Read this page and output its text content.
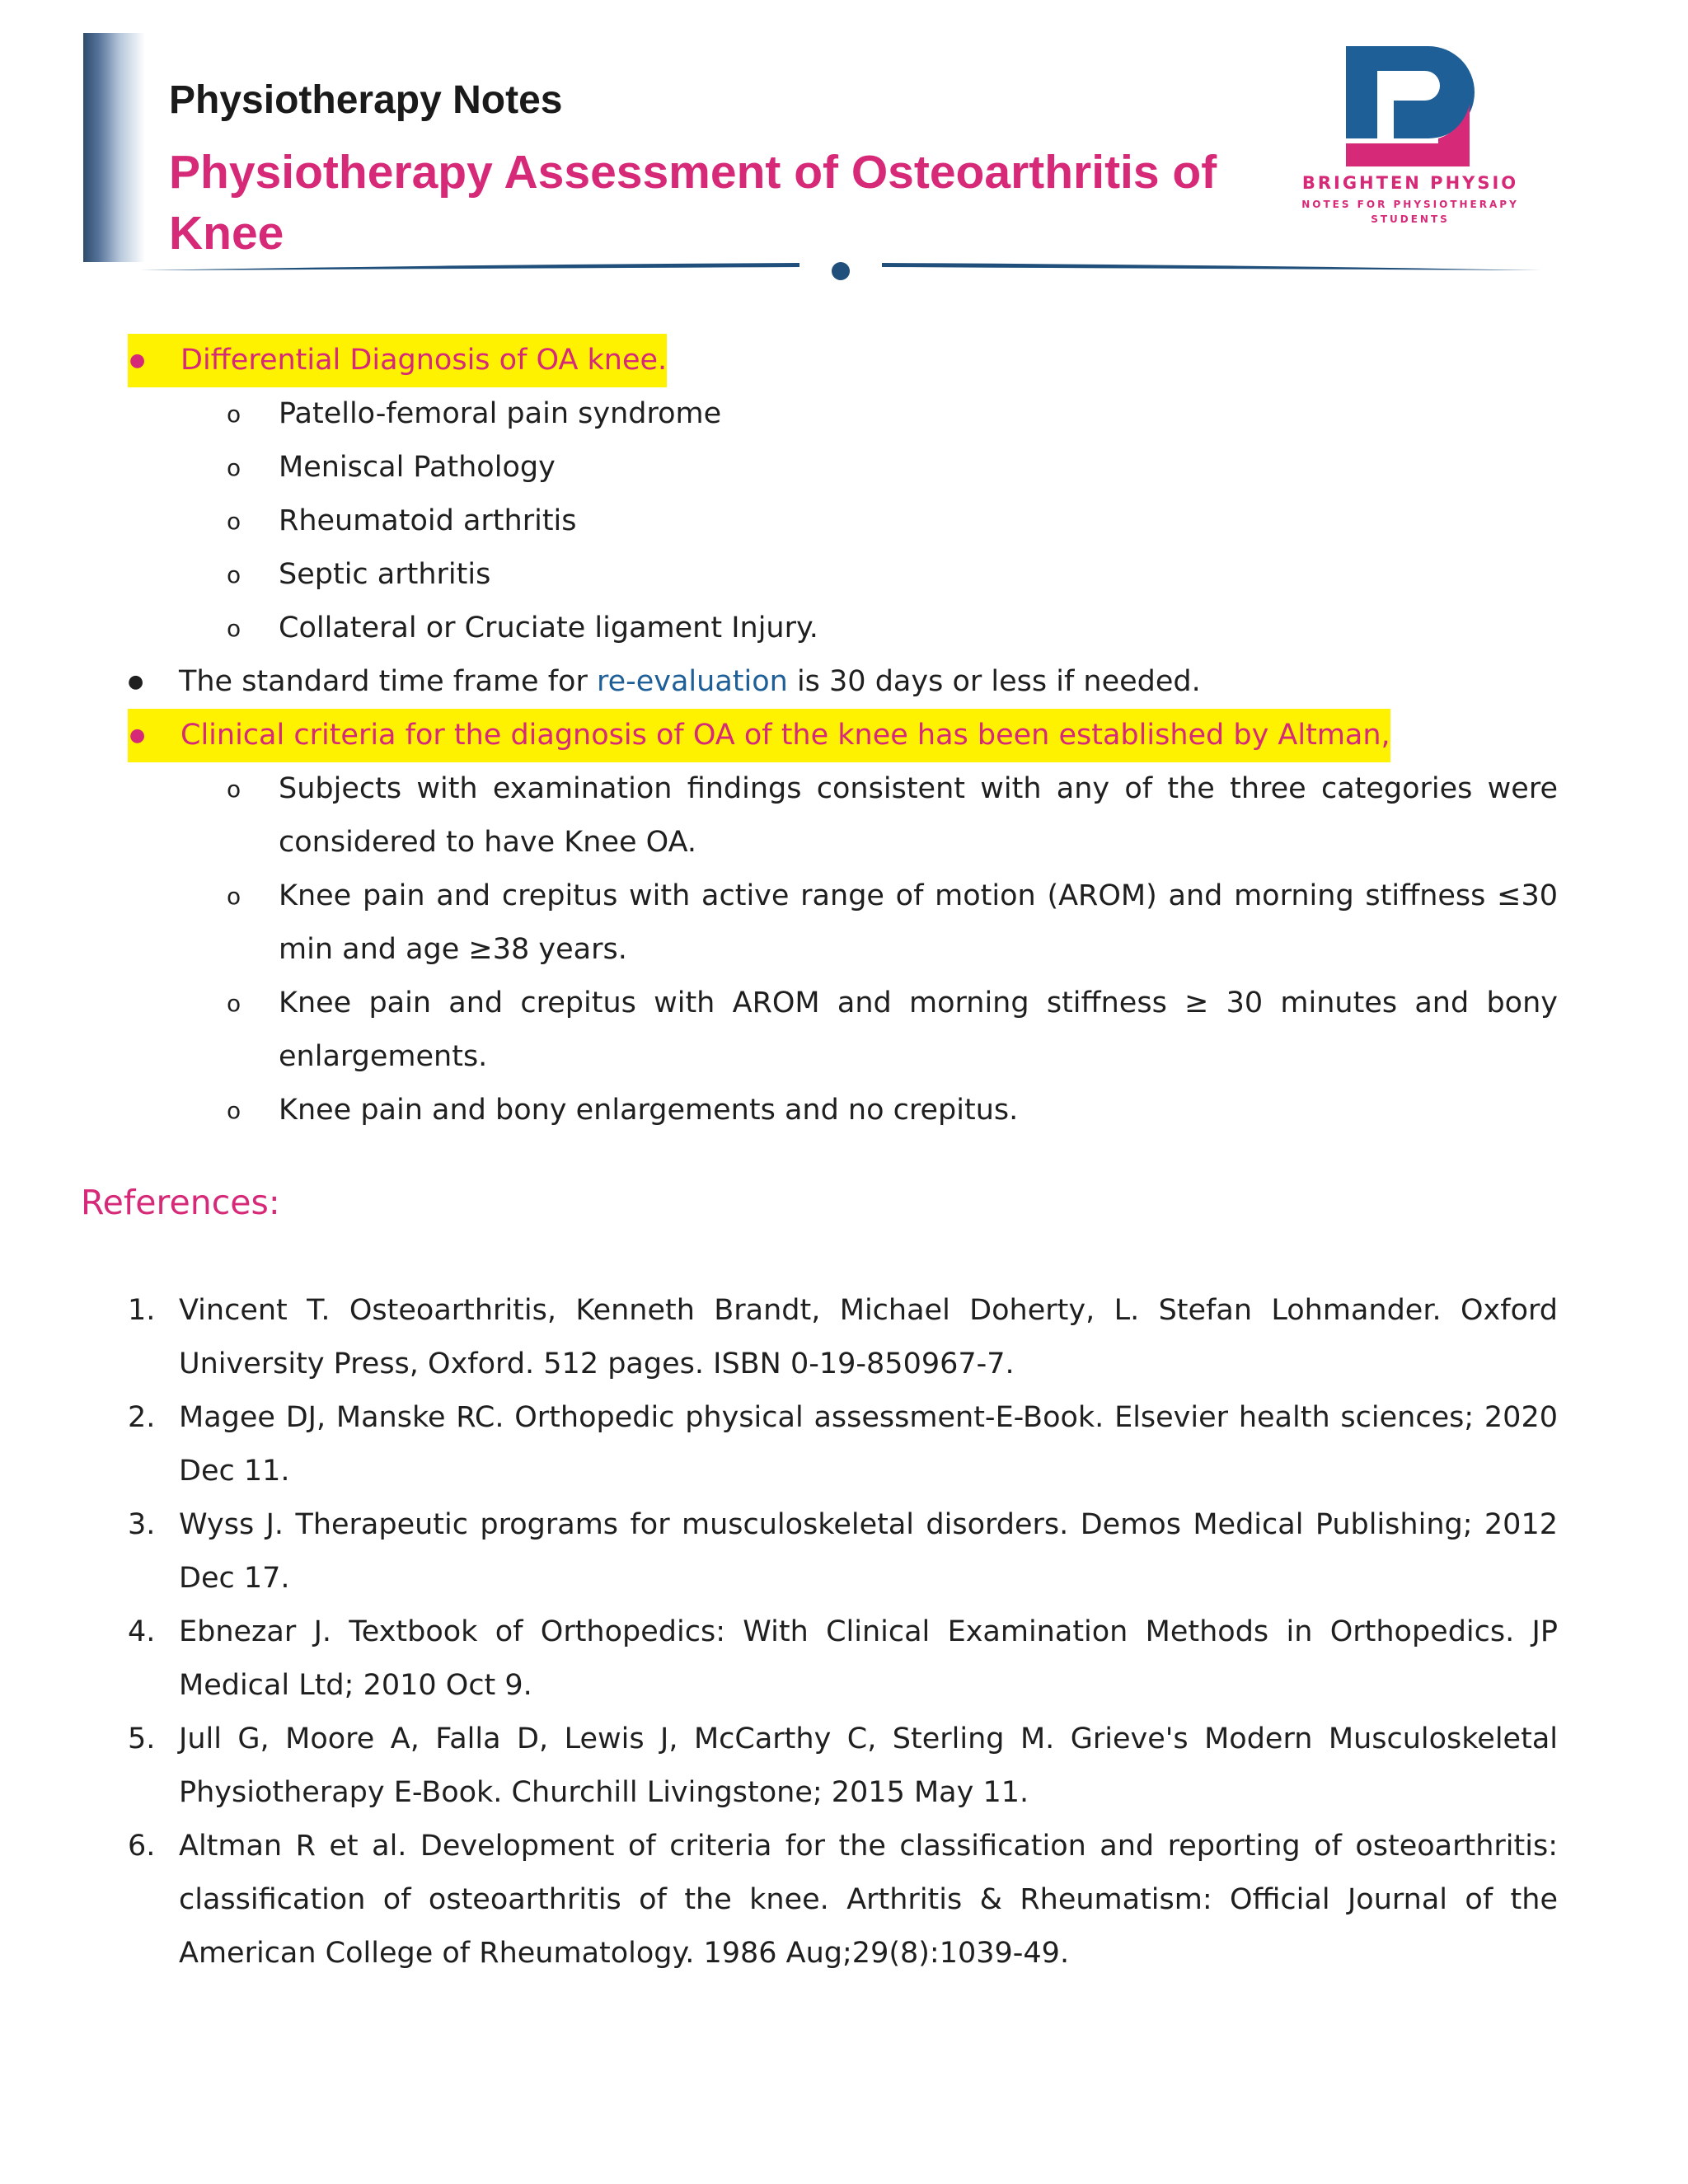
Physiotherapy Notes
Physiotherapy Assessment of Osteoarthritis of Knee
BRIGHTEN PHYSIO
NOTES FOR PHYSIOTHERAPY STUDENTS
● Differential Diagnosis of OA knee.
o Patello-femoral pain syndrome
o Meniscal Pathology
o Rheumatoid arthritis
o Septic arthritis
o Collateral or Cruciate ligament Injury.
● The standard time frame for re-evaluation is 30 days or less if needed.
● Clinical criteria for the diagnosis of OA of the knee has been established by Altman,
o Subjects with examination findings consistent with any of the three categories were considered to have Knee OA.
o Knee pain and crepitus with active range of motion (AROM) and morning stiffness ≤30 min and age ≥38 years.
o Knee pain and crepitus with AROM and morning stiffness ≥ 30 minutes and bony enlargements.
o Knee pain and bony enlargements and no crepitus.
References:
1. Vincent T. Osteoarthritis, Kenneth Brandt, Michael Doherty, L. Stefan Lohmander. Oxford University Press, Oxford. 512 pages. ISBN 0-19-850967-7.
2. Magee DJ, Manske RC. Orthopedic physical assessment-E-Book. Elsevier health sciences; 2020 Dec 11.
3. Wyss J. Therapeutic programs for musculoskeletal disorders. Demos Medical Publishing; 2012 Dec 17.
4. Ebnezar J. Textbook of Orthopedics: With Clinical Examination Methods in Orthopedics. JP Medical Ltd; 2010 Oct 9.
5. Jull G, Moore A, Falla D, Lewis J, McCarthy C, Sterling M. Grieve's Modern Musculoskeletal Physiotherapy E-Book. Churchill Livingstone; 2015 May 11.
6. Altman R et al. Development of criteria for the classification and reporting of osteoarthritis: classification of osteoarthritis of the knee. Arthritis & Rheumatism: Official Journal of the American College of Rheumatology. 1986 Aug;29(8):1039-49.
